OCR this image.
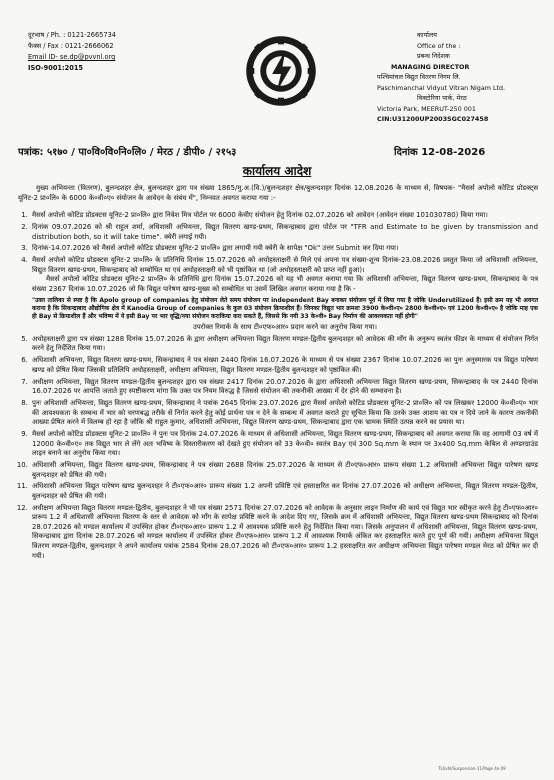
दूरभाष / Ph. : 0121-2665734
फैक्स / Fax : 0121-2666062
Email ID- se.dp@pvvnl.org
ISO-9001:2015
कार्यालय
Office of the :
प्रबन्ध निदेशक
MANAGING DIRECTOR
पश्चिमांचल विद्युत वितरण निगम लि.
Paschimanchal Vidyut Vitran Nigam Ltd.
विक्टोरिया पार्क, मेरठ
Victoria Park, MEERUT-250 001
CIN:U31200UP2003SGC027458
पत्रांक: ५१७० / पा०वि०वि०नि०लि० / मेरठ / डीपी० / २१५३	दिनांक 12-08-2026
कार्यालय आदेश

मुख्य अभियन्ता (वितरण), बुलन्दशहर क्षेत्र, बुलन्दशहर द्वारा पत्र संख्या 1865/मु.अ.(वि.)/बुलन्दशहर क्षेत्र/बुलन्दशहर दिनांक 12.08.2026 के माध्यम से, विषयक- "मैसर्स अपोलो कोटिड प्रोडक्ट्स यूनिट-2 प्रा०लि० के 6000 के०वी०ए० संयोजन के आवेदन के संबंध में", निम्नवत अवगत कराया गया :-

1. मैसर्स अपोलो कोटिड प्रोडक्टस यूनिट-2 प्रा०लि० द्वारा निवेश मित्र पोर्टल पर 6000 केवीए संयोजन हेतु दिनांक 02.07.2026 को आवेदन (आवेदन संख्या 101030780) किया गया।
2. दिनांक 09.07.2026 को श्री राहुल शर्मा, अधिशासी अभियन्ता, विद्युत वितरण खण्ड-प्रथम, सिकन्द्राबाद द्वारा पोर्टल पर "TFR and Estimate to be given by transmission and distribution both, so it will take time". क्वेरी लगाई गयी।
3. दिनांक-14.07.2026 को मैसर्स अपोलो कोटिड प्रोडक्टस यूनिट-2 प्रा०लि० द्वारा लगायी गयी क्वेरी के सापेक्ष "Ok" उत्तर Submit कर दिया गया।
4. मैसर्स अपोलो कोटिड प्रोडक्टस यूनिट-2 प्रा०लि० के प्रतिनिधि दिनांक 15.07.2026 को अधोहस्ताक्षरी से मिले एवं अपना पत्र संख्या-शून्य दिनांक-23.08.2026 प्रस्तुत किया जो अधिशासी अभियन्ता, विद्युत वितरण खण्ड-प्रथम, सिकन्द्राबाद को सम्बोधित था एवं अधोहस्ताक्षरी को भी पृष्ठांकित था (जो अधोहस्ताक्षरी को प्राप्त नहीं हुआ)।
मैसर्स अपोलो कोटिड प्रोडक्टस यूनिट-2 प्रा०लि० के प्रतिनिधि द्वारा दिनांक 15.07.2026 को यह भी अवगत कराया गया कि अधिशासी अभियन्ता, विद्युत वितरण खण्ड-प्रथम, सिकन्द्राबाद के पत्र संख्या 2367 दिनांक 10.07.2026 जो कि विद्युत पारेषण खण्ड-मुख्य को सम्बोधित था उसमें लिखित अवगत कराया गया है कि -
"उक्त तालिका से स्पष्ट है कि Apolo group of companies हेतु संयोजन लेते समय संयोजन पर independent Bay बनाकर संयोजन पूर्व में लिया गया है जोकि Underutilized हैं। इसी क्रम यह भी अवगत कराना है कि सिकन्द्राबाद औद्योगिक क्षेत्र में Kanodia Group of companies के कुल 03 संयोजन क्रियाशील हैं। जिनका विद्युत भार क्रमशः 3900 के०वी०ए० 2800 के०वी०ए० एवं 1200 के०वी०ए० है जोकि माह एक ही Bay से क्रियाशील हैं और भविष्य में ये इसी Bay पर भार वृद्धि/नया संयोजन कराकिया करा सकते हैं, जिससे कि नयी 33 के०वी० Bay निर्माण की आवश्यकता नहीं होगी"
उपरोक्त रिमार्क के साथ टी०एफ०आर० प्रदान करने का अनुरोध किया गया।
5. अधोहस्ताक्षरी द्वारा पत्र संख्या 1288 दिनांक 15.07.2026 के द्वारा अधीक्षण अभियन्ता विद्युत वितरण मण्डल-द्वितीय बुलन्दशहर को आवेदक की माँग के अनुरूप स्वतंत्र फीडर के माध्यम से संयोजन निर्गत करने हेतु निर्देशित किया गया।
6. अधिशासी अभियन्ता, विद्युत वितरण खण्ड-प्रथम, सिकन्द्राबाद ने पत्र संख्या 2440 दिनांक 16.07.2026 के माध्यम से पत्र संख्या 2367 दिनांक 10.07.2026 का पुनः अनुस्मारक पत्र विद्युत पारेषण खण्ड को प्रेषित किया जिसकी प्रतिलिपि अधोहस्ताक्षरी, अधीक्षण अभियन्ता, विद्युत वितरण मण्डल-द्वितीय बुलन्दशहर को पृष्ठांकित की।
7. अधीक्षण अभियन्ता, विद्युत वितरण मण्डल-द्वितीय बुलन्दशहर द्वारा पत्र संख्या 2417 दिनांक 20.07.2026 के द्वारा अधिशासी अभियन्ता विद्युत वितरण खण्ड-प्रथम, सिकन्द्राबाद के पत्र 2440 दिनांक 16.07.2026 पर आपत्ति जताते हुए स्पष्टीकरण मांगा कि उक्त पत्र नियम विरुद्ध है जिससे संयोजन की तकनीकी आख्या में देर होने की सम्भावना है।
8. पुनः अधिशासी अभियन्ता, विद्युत वितरण खण्ड-प्रथम, सिकन्द्राबाद ने पत्रांक 2645 दिनांक 23.07.2026 द्वारा मैसर्स अपोलो कोटिड प्रोडक्टस यूनिट-2 प्रा०लि० को पत्र लिखकर 12000 के०वी०ए० भार की आवश्यकता के सम्बन्ध में भार को चरणबद्ध तरीके से निर्गत करने हेतु कोई प्रार्थना पत्र न देने के सम्बन्ध में अवगत कराते हुए सूचित किया कि उनके उक्त आशय का पत्र न दिये जाने के कारण तकनीकी आख्या प्रेषित करने में विलम्ब हो रहा है जोकि श्री राहुल कुमार, अधिशासी अभियन्ता, विद्युत वितरण खण्ड-प्रथम, सिकन्द्राबाद द्वारा एक भ्रामक स्थिति उत्पन्न करने का प्रयास था।
9. मैसर्स अपोलो कोटिड प्रोडक्टस यूनिट-2 प्रा०लि० ने पुनः पत्र दिनांक 24.07.2026 के माध्यम से अधिशासी अभियन्ता, विद्युत वितरण खण्ड-प्रथम, सिकन्द्राबाद को अवगत कराया कि वह आगामी 03 वर्ष में 12000 के०वी०ए० तक विद्युत भार ले लेंगे अतः भविष्य के विस्तारीकरण को देखते हुए संयोजन को 33 के०वी० स्वतंत्र Bay एवं 300 Sq.mm के स्थान पर 3x400 Sq.mm केबिल से अण्डरग्राउंड लाइन बनाने का अनुरोध किया गया।
10. अधिशासी अभियन्ता, विद्युत वितरण खण्ड-प्रथम, सिकन्द्राबाद ने पत्र संख्या 2688 दिनांक 25.07.2026 के माध्यम से टी०एफ०आर० प्रारूप संख्या 1.2 अधिशासी अभियन्ता विद्युत पारेषण खण्ड बुलन्दशहर को प्रेषित की गयी।
11. अधिशासी अभियन्ता विद्युत पारेषण खण्ड बुलन्दशहर ने टी०एफ०आर० प्रारूप संख्या 1.2 अपनी प्रविष्टि एवं हस्ताक्षरित कर दिनांक 27.07.2026 को अधीक्षण अभियन्ता, विद्युत वितरण मण्डल-द्वितीय, बुलन्दशहर को प्रेषित की गयी।
12. अधीक्षण अभियन्ता विद्युत वितरण मण्डल-द्वितीय, बुलन्दशहर ने भी पत्र संख्या 2571 दिनांक 27.07.2026 को आवेदक के अनुसार लाइन निर्माण की कार्य एवं विद्युत भार स्वीकृत करने हेतु टी०एफ०आर० प्रारूप 1.2 में अधिशासी अभियन्ता वितरण के स्तर से आवेदक को माँग के सापेक्ष प्रविष्टि करने के आदेश दिए गए, जिसके क्रम में अधिशासी अभियन्ता, विद्युत वितरण खण्ड-प्रथम सिकन्द्राबाद को दिनांक 28.07.2026 को मण्डल कार्यालय में उपस्थित होकर टी०एफ०आर० प्रारूप 1.2 में आवश्यक प्रविष्टि करने हेतु निर्देशित किया गया। जिसके अनुपालन में अधिशासी अभियन्ता, विद्युत वितरण खण्ड-प्रथम, सिकन्द्राबाद द्वारा दिनांक 28.07.2026 को मण्डल कार्यालय में उपस्थित होकर टी०एफ०आर० प्रारूप 1.2 में आवश्यक रिमार्क अंकित कर हस्ताक्षरित करते हुए पूर्ण की गयी। अधीक्षण अभियन्ता विद्युत वितरण मण्डल-द्वितीय, बुलन्दशहर ने अपने कार्यालय पत्रांक 2584 दिनांक 28.07.2026 को टी०एफ०आर० प्रारूप 1.2 हस्ताक्षरित कर अधीक्षण अभियन्ता विद्युत पारेषण मण्डल मेरठ को प्रेषित कर दी गयी।
TLI/vhl/Suspension-11/Page 4e 09
